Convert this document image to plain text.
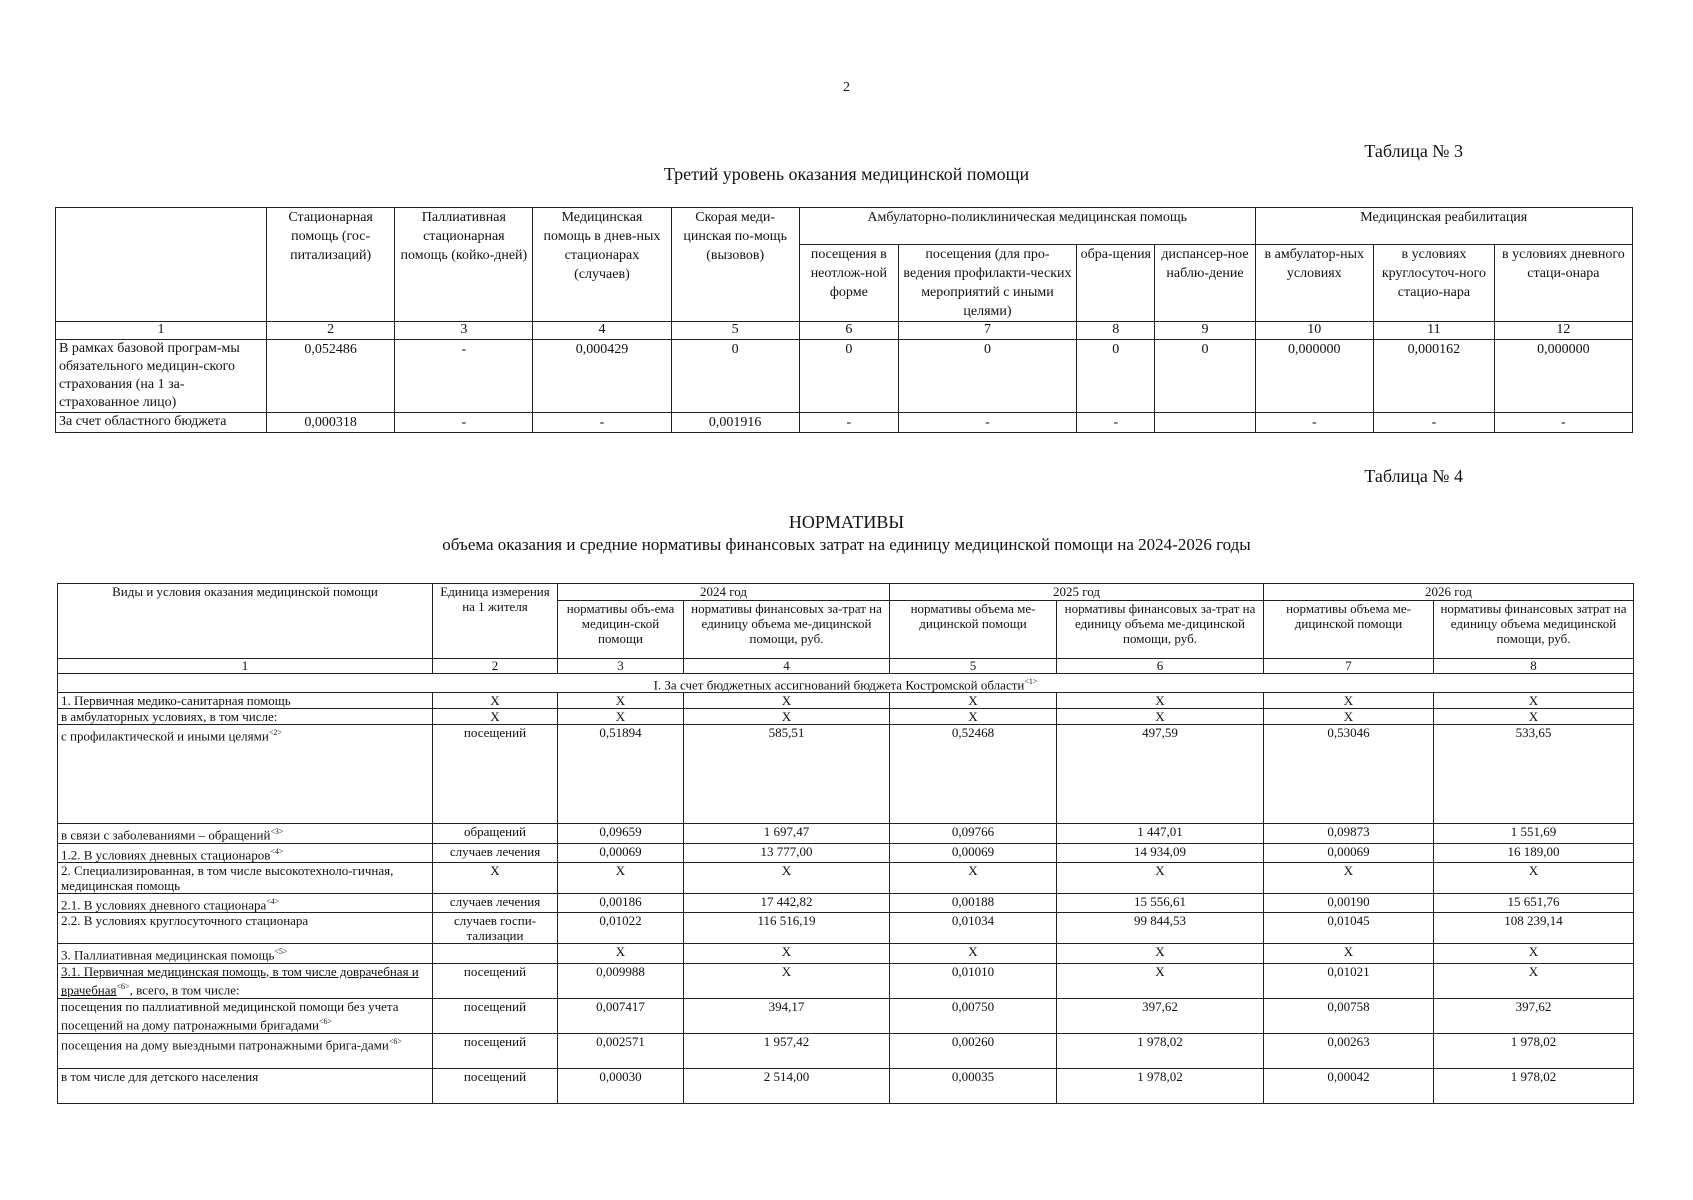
2
Таблица № 3
Третий уровень оказания медицинской помощи
	Стационарная помощь (гос-питализаций)	Паллиативная стационарная помощь (койко-дней)	Медицинская помощь в днев-ных стационарах (случаев)	Скорая меди-цинская по-мощь (вызовов)	Амбулаторно-поликлиническая медицинская помощь				Медицинская реабилитация		
					посещения в неотлож-ной форме	посещения (для про-ведения профилакти-ческих мероприятий с иными целями)	обра-щения	диспансер-ное наблю-дение	в амбулатор-ных условиях	в условиях круглосуточ-ного стацио-нара	в условиях дневного стаци-онара
1	2	3	4	5	6	7	8	9	10	11	12
В рамках базовой програм-мы обязательного медицин-ского страхования (на 1 за-страхованное лицо)	0,052486	-	0,000429	0	0	0	0	0	0,000000	0,000162	0,000000
За счет областного бюджета	0,000318	-	-	0,001916	-	-	-		-	-	-
Таблица № 4
НОРМАТИВЫ
объема оказания и средние нормативы финансовых затрат на единицу медицинской помощи на 2024-2026 годы
Виды и условия оказания медицинской помощи	Единица измерения на 1 жителя	2024 год		2025 год		2026 год	
		нормативы объ-ема медицин-ской помощи	нормативы финансовых за-трат на единицу объема ме-дицинской помощи, руб.	нормативы объема ме-дицинской помощи	нормативы финансовых за-трат на единицу объема ме-дицинской помощи, руб.	нормативы объема ме-дицинской помощи	нормативы финансовых затрат на единицу объема медицинской помощи, руб.
1	2	3	4	5	6	7	8
I. За счет бюджетных ассигнований бюджета Костромской области$^{<1>}$
1. Первичная медико-санитарная помощь	X	X	X	X	X	X	X
в амбулаторных условиях, в том числе:	X	X	X	X	X	X	X
с профилактической и иными целями$^{<2>}$	посещений	0,51894	585,51	0,52468	497,59	0,53046	533,65
в связи с заболеваниями – обращений$^{<3>}$	обращений	0,09659	1 697,47	0,09766	1 447,01	0,09873	1 551,69
1.2. В условиях дневных стационаров$^{<4>}$	случаев лечения	0,00069	13 777,00	0,00069	14 934,09	0,00069	16 189,00
2. Специализированная, в том числе высокотехноло-гичная, медицинская помощь	X	X	X	X	X	X	X
2.1. В условиях дневного стационара$^{<4>}$	случаев лечения	0,00186	17 442,82	0,00188	15 556,61	0,00190	15 651,76
2.2. В условиях круглосуточного стационара	случаев госпи-тализации	0,01022	116 516,19	0,01034	99 844,53	0,01045	108 239,14
3. Паллиативная медицинская помощь$^{<5>}$		X	X	X	X	X	X
3.1. Первичная медицинская помощь, в том числе доврачебная и врачебная$^{<6>}$, всего, в том числе:	посещений	0,009988	X	0,01010	X	0,01021	X
посещения по паллиативной медицинской помощи без учета посещений на дому патронажными бригадами$^{<6>}$	посещений	0,007417	394,17	0,00750	397,62	0,00758	397,62
посещения на дому выездными патронажными брига-дами$^{<6>}$	посещений	0,002571	1 957,42	0,00260	1 978,02	0,00263	1 978,02
в том числе для детского населения	посещений	0,00030	2 514,00	0,00035	1 978,02	0,00042	1 978,02
